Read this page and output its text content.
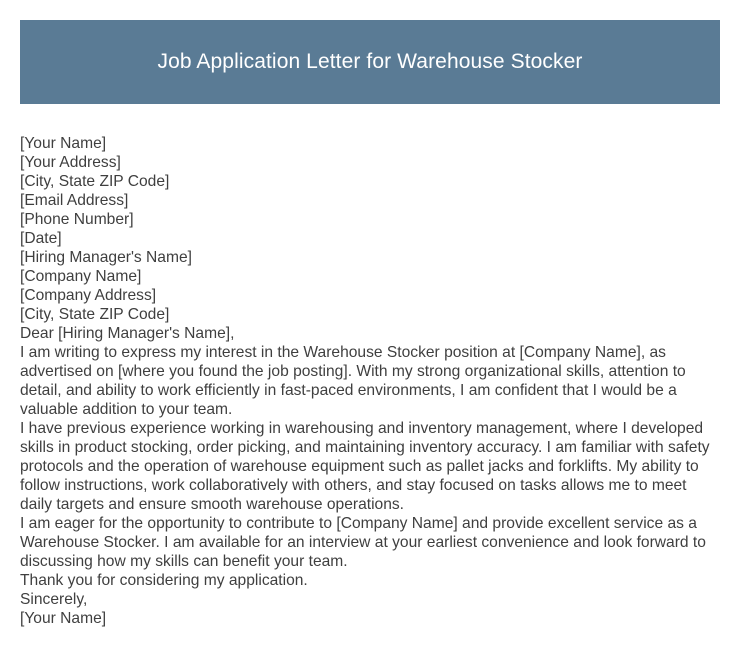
Job Application Letter for Warehouse Stocker
[Your Name]
[Your Address]
[City, State ZIP Code]
[Email Address]
[Phone Number]
[Date]
[Hiring Manager's Name]
[Company Name]
[Company Address]
[City, State ZIP Code]
Dear [Hiring Manager's Name],
I am writing to express my interest in the Warehouse Stocker position at [Company Name], as advertised on [where you found the job posting]. With my strong organizational skills, attention to detail, and ability to work efficiently in fast-paced environments, I am confident that I would be a valuable addition to your team.
I have previous experience working in warehousing and inventory management, where I developed skills in product stocking, order picking, and maintaining inventory accuracy. I am familiar with safety protocols and the operation of warehouse equipment such as pallet jacks and forklifts. My ability to follow instructions, work collaboratively with others, and stay focused on tasks allows me to meet daily targets and ensure smooth warehouse operations.
I am eager for the opportunity to contribute to [Company Name] and provide excellent service as a Warehouse Stocker. I am available for an interview at your earliest convenience and look forward to discussing how my skills can benefit your team.
Thank you for considering my application.
Sincerely,
[Your Name]
